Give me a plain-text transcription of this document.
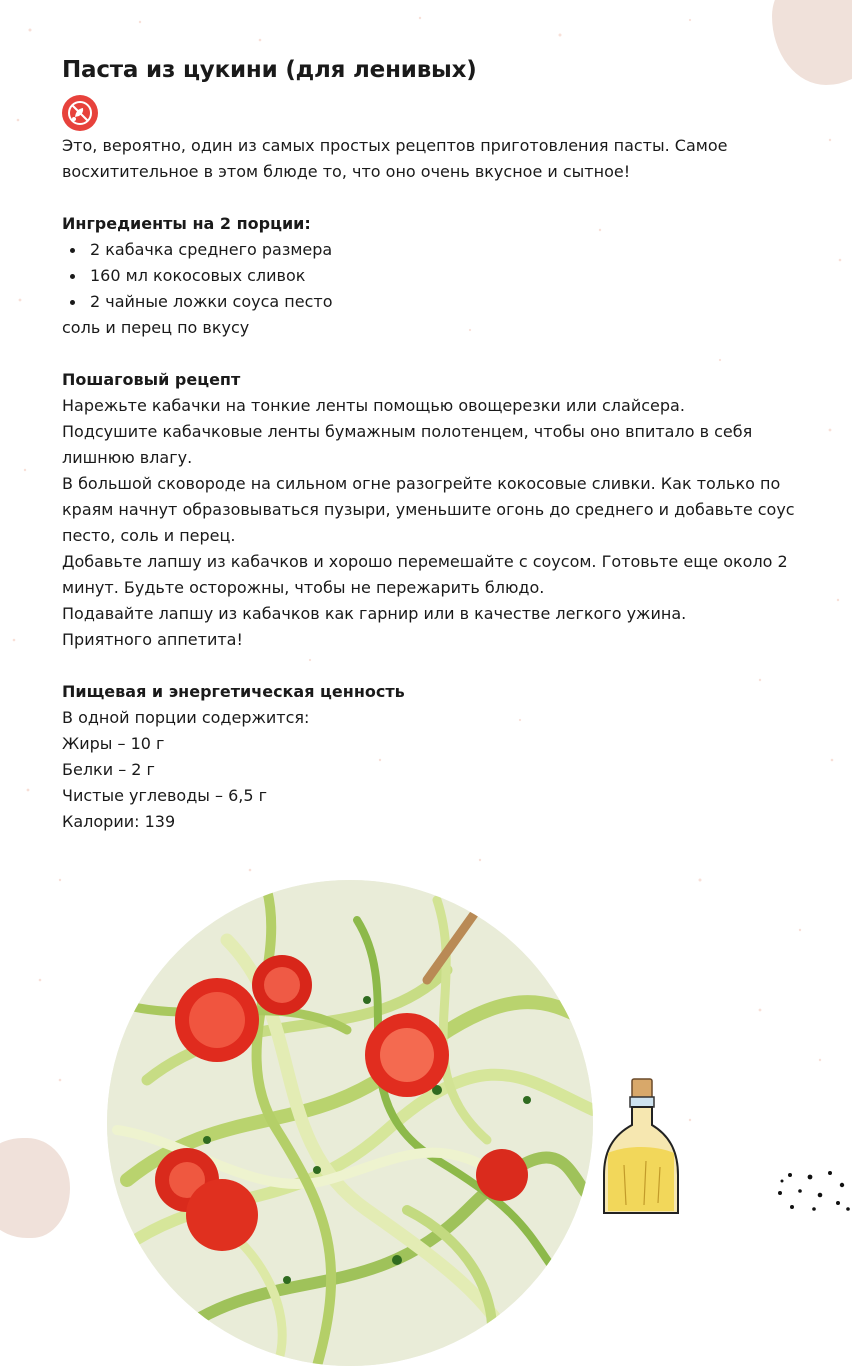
Паста из цукини (для ленивых)

Это, вероятно, один из самых простых рецептов приготовления пасты. Самое восхитительное в этом блюде то, что оно очень вкусное и сытное!

Ингредиенты на 2 порции:
2 кабачка среднего размера
160 мл кокосовых сливок
2 чайные ложки соуса песто
соль и перец по вкусу
Пошаговый рецепт
Нарежьте кабачки на тонкие ленты помощью овощерезки или слайсера.
Подсушите кабачковые ленты бумажным полотенцем, чтобы оно впитало в себя лишнюю влагу.
В большой сковороде на сильном огне разогрейте кокосовые сливки. Как только по краям начнут образовываться пузыри, уменьшите огонь до среднего и добавьте соус песто, соль и перец.
Добавьте лапшу из кабачков и хорошо перемешайте с соусом. Готовьте еще около 2 минут. Будьте осторожны, чтобы не пережарить блюдо.
Подавайте лапшу из кабачков как гарнир или в качестве легкого ужина.
Приятного аппетита!
Пищевая и энергетическая ценность
В одной порции содержится:
Жиры – 10 г
Белки – 2 г
Чистые углеводы – 6,5 г
Калории: 139
